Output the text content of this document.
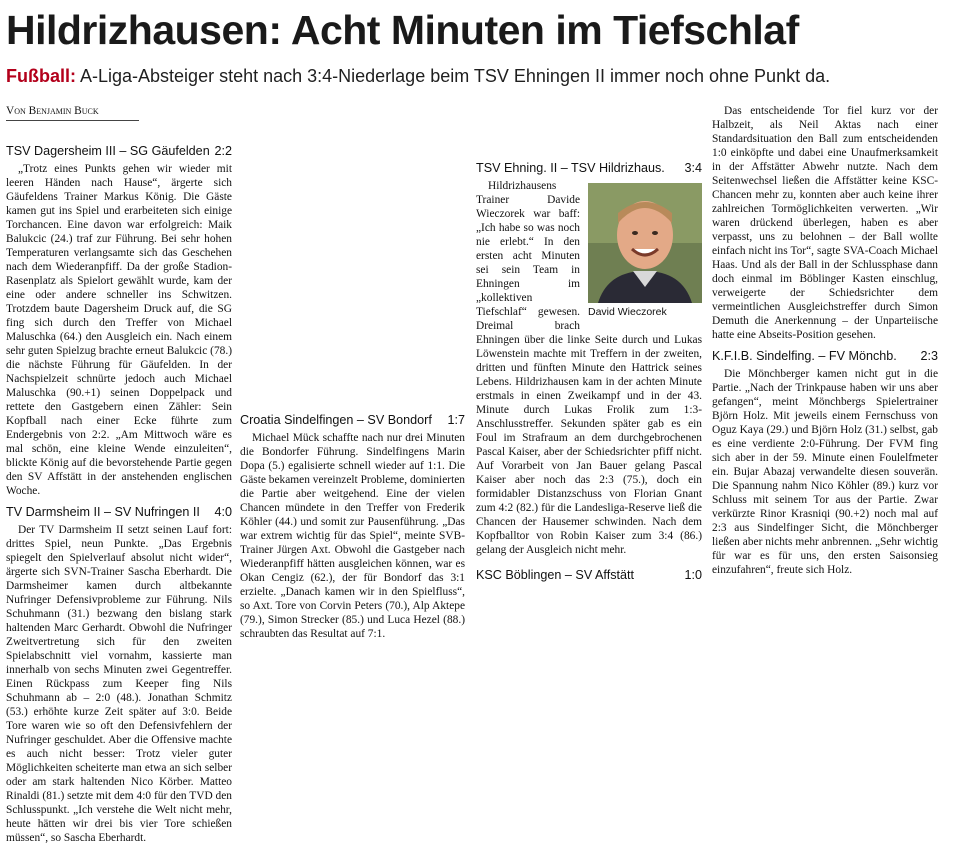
Hildrizhausen: Acht Minuten im Tiefschlaf
Fußball: A-Liga-Absteiger steht nach 3:4-Niederlage beim TSV Ehningen II immer noch ohne Punkt da.
Von Benjamin Buck
TSV Dagersheim III – SG Gäufelden 2:2

„Trotz eines Punkts gehen wir wieder mit leeren Händen nach Hause“, ärgerte sich Gäufeldens Trainer Markus König. Die Gäste kamen gut ins Spiel und erarbeiteten sich einige Torchancen. Eine davon war erfolgreich: Maik Balukcic (24.) traf zur Führung. Bei sehr hohen Temperaturen verlangsamte sich das Geschehen nach dem Wiederanpfiff. Da der große Stadion-Rasenplatz als Spielort gewählt wurde, kam der eine oder andere schneller ins Schwitzen. Trotzdem baute Dagersheim Druck auf, die SG fing sich durch den Treffer von Michael Maluschka (64.) den Ausgleich ein. Nach einem sehr guten Spielzug brachte erneut Balukcic (78.) die nächste Führung für Gäufelden. In der Nachspielzeit schnürte jedoch auch Michael Maluschka (90.+1) seinen Doppelpack und rettete den Gastgebern einen Zähler: Sein Kopfball nach einer Ecke führte zum Endergebnis von 2:2. „Am Mittwoch wäre es mal schön, eine kleine Wende einzuleiten“, blickte König auf die bevorstehende Partie gegen den SV Affstätt in der anstehenden englischen Woche.

TV Darmsheim II – SV Nufringen II 4:0

Der TV Darmsheim II setzt seinen Lauf fort: drittes Spiel, neun Punkte. „Das Ergebnis spiegelt den Spielverlauf absolut nicht wider“, ärgerte sich SVN-Trainer Sascha Eberhardt. Die Darmsheimer kamen durch altbekannte Nufringer Defensivprobleme zur Führung. Nils Schuhmann (31.) bezwang den bislang stark haltenden Marc Gerhardt. Obwohl die Nufringer Zweitvertretung sich für den zweiten Spielabschnitt viel vornahm, kassierte man innerhalb von sechs Minuten zwei Gegentreffer. Einen Rückpass zum Keeper fing Nils Schuhmann ab – 2:0 (48.). Jonathan Schmitz (53.) erhöhte kurze Zeit später auf 3:0. Beide Tore waren wie so oft den Defensivfehlern der Nufringer geschuldet. Aber die Offensive machte es auch nicht besser: Trotz vieler guter Möglichkeiten scheiterte man etwa an sich selber oder am stark haltenden Nico Körber. Matteo Rinaldi (81.) setzte mit dem 4:0 für den TVD den Schlusspunkt. „Ich verstehe die Welt nicht mehr, heute hätten wir drei bis vier Tore schießen müssen“, so Sascha Eberhardt.

Croatia Sindelfingen – SV Bondorf 1:7

Michael Mück schaffte nach nur drei Minuten die Bondorfer Führung. Sindelfingens Marin Dopa (5.) egalisierte schnell wieder auf 1:1. Die Gäste bekamen vereinzelt Probleme, dominierten die Partie aber weitgehend. Eine der vielen Chancen mündete in den Treffer von Frederik Köhler (44.) und somit zur Pausenführung. „Das war extrem wichtig für das Spiel“, meinte SVB-Trainer Jürgen Axt. Obwohl die Gastgeber nach Wiederanpfiff hätten ausgleichen können, war es Okan Cengiz (62.), der für Bondorf das 3:1 erzielte. „Danach kamen wir in den Spielfluss“, so Axt. Tore von Corvin Peters (70.), Alp Aktepe (79.), Simon Strecker (85.) und Luca Hezel (88.) schraubten das Resultat auf 7:1.

TSV Ehning. II – TSV Hildrizhaus. 3:4
David Wieczorek

Hildrizhausens Trainer Davide Wieczorek war baff: „Ich habe so was noch nie erlebt.“ In den ersten acht Minuten sei sein Team in Ehningen im „kollektiven Tiefschlaf“ gewesen. Dreimal brach Ehningen über die linke Seite durch und Lukas Löwenstein machte mit Treffern in der zweiten, dritten und fünften Minute den Hattrick seines Lebens. Hildrizhausen kam in der achten Minute erstmals in einen Zweikampf und in der 43. Minute durch Lukas Frolik zum 1:3-Anschlusstreffer. Sekunden später gab es ein Foul im Strafraum an dem durchgebrochenen Pascal Kaiser, aber der Schiedsrichter pfiff nicht. Auf Vorarbeit von Jan Bauer gelang Pascal Kaiser aber noch das 2:3 (75.), doch ein formidabler Distanzschuss von Florian Gnant zum 4:2 (82.) für die Landesliga-Reserve ließ die Chancen der Hausemer schwinden. Nach dem Kopfballtor von Robin Kaiser zum 3:4 (86.) gelang der Ausgleich nicht mehr.

KSC Böblingen – SV Affstätt	1:0

Das entscheidende Tor fiel kurz vor der Halbzeit, als Neil Aktas nach einer Standardsituation den Ball zum entscheidenden 1:0 einköpfte und dabei eine Unaufmerksamkeit in der Affstätter Abwehr nutzte. Nach dem Seitenwechsel ließen die Affstätter keine KSC-Chancen mehr zu, konnten aber auch keine ihrer zahlreichen Tormöglichkeiten verwerten. „Wir waren drückend überlegen, haben es aber verpasst, uns zu belohnen – der Ball wollte einfach nicht ins Tor“, sagte SVA-Coach Michael Haas. Und als der Ball in der Schlussphase dann doch einmal im Böblinger Kasten einschlug, verweigerte der Schiedsrichter dem vermeintlichen Ausgleichstreffer durch Simon Demuth die Anerkennung – der Unparteiische hatte eine Abseits-Position gesehen.

K.F.I.B. Sindelfing. – FV Mönchb. 2:3

Die Mönchberger kamen nicht gut in die Partie. „Nach der Trinkpause haben wir uns aber gefangen“, meint Mönchbergs Spielertrainer Björn Holz. Mit jeweils einem Fernschuss von Oguz Kaya (29.) und Björn Holz (31.) selbst, gab es eine verdiente 2:0-Führung. Der FVM fing sich aber in der 59. Minute einen Foulelfmeter ein. Bujar Abazaj verwandelte diesen souverän. Die Spannung nahm Nico Köhler (89.) kurz vor Schluss mit seinem Tor aus der Partie. Zwar verkürzte Rinor Krasniqi (90.+2) noch mal auf 2:3 aus Sindelfinger Sicht, die Mönchberger ließen aber nichts mehr anbrennen. „Sehr wichtig für war es für uns, den ersten Saisonsieg einzufahren“, freute sich Holz.
